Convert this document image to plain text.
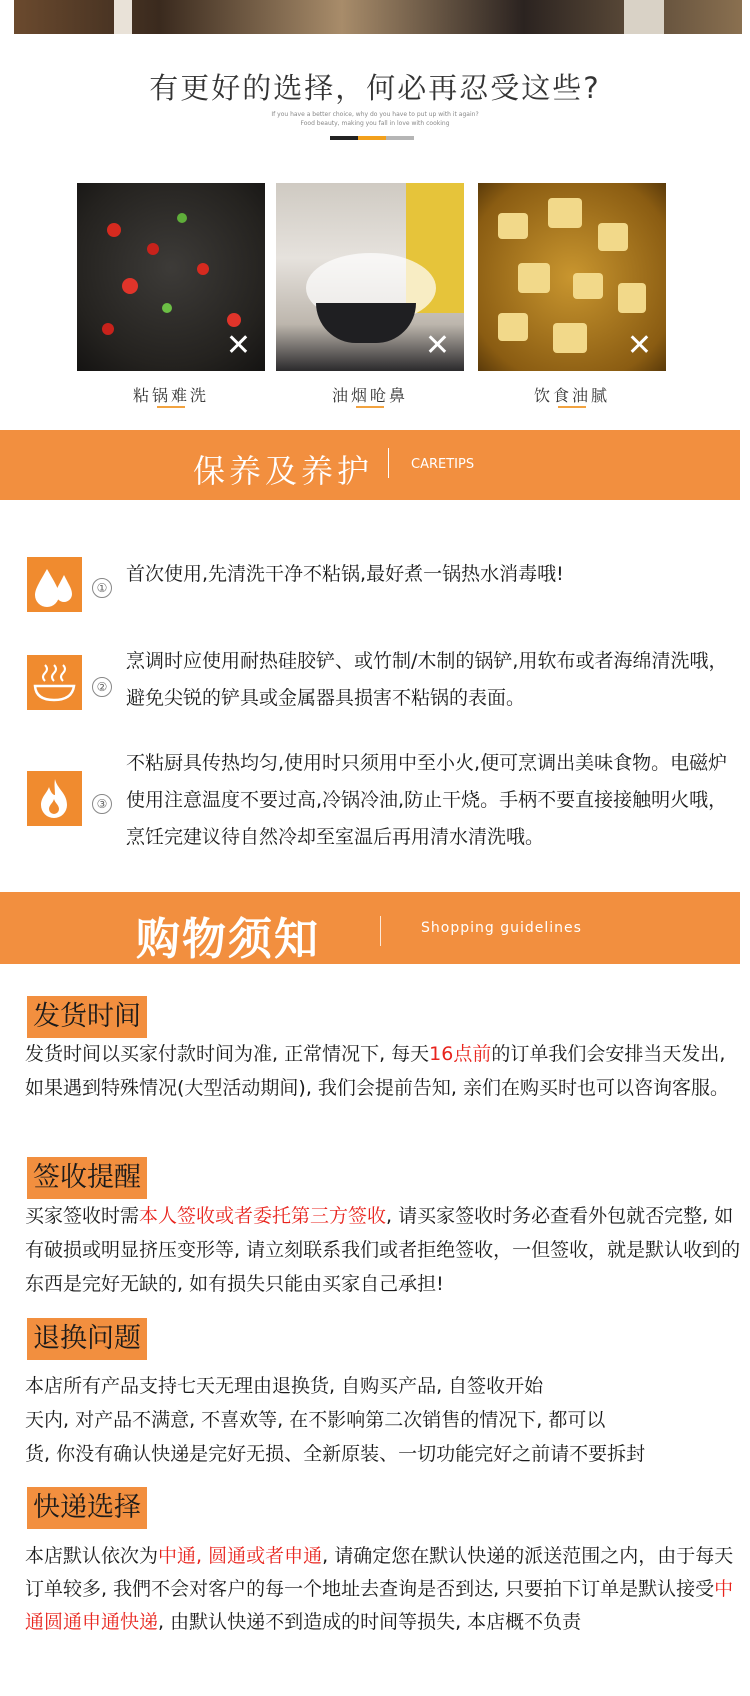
有更好的选择，何必再忍受这些?
If you have a better choice, why do you have to put up with it again?
Food beauty, making you fall in love with cooking
✕	✕	✕
粘锅难洗	油烟呛鼻	饮食油腻
保养及养护	CARETIPS
①
首次使用,先清洗干净不粘锅,最好煮一锅热水消毒哦!
②
烹调时应使用耐热硅胶铲、或竹制/木制的锅铲,用软布或者海绵清洗哦，避免尖锐的铲具或金属器具损害不粘锅的表面。
③
不粘厨具传热均匀,使用时只须用中至小火,便可烹调出美味食物。电磁炉使用注意温度不要过高,冷锅冷油,防止干烧。手柄不要直接接触明火哦，烹饪完建议待自然冷却至室温后再用清水清洗哦。
购物须知	Shopping guidelines
发货时间
发货时间以买家付款时间为准, 正常情况下, 每天16点前的订单我们会安排当天发出, 如果遇到特殊情况(大型活动期间), 我们会提前告知, 亲们在购买时也可以咨询客服。
签收提醒
买家签收时需本人签收或者委托第三方签收, 请买家签收时务必查看外包就否完整, 如有破损或明显挤压变形等, 请立刻联系我们或者拒绝签收，一但签收，就是默认收到的东西是完好无缺的, 如有损失只能由买家自己承担!
退换问题
本店所有产品支持七天无理由退换货, 自购买产品, 自签收开始
天内, 对产品不满意, 不喜欢等, 在不影响第二次销售的情况下, 都可以
货, 你没有确认快递是完好无损、全新原装、一切功能完好之前请不要拆封
快递选择
本店默认依次为中通, 圆通或者申通, 请确定您在默认快递的派送范围之内，由于每天订单较多, 我們不会对客户的每一个地址去查询是否到达, 只要拍下订单是默认接受中通圆通申通快递, 由默认快递不到造成的时间等损失, 本店概不负责
